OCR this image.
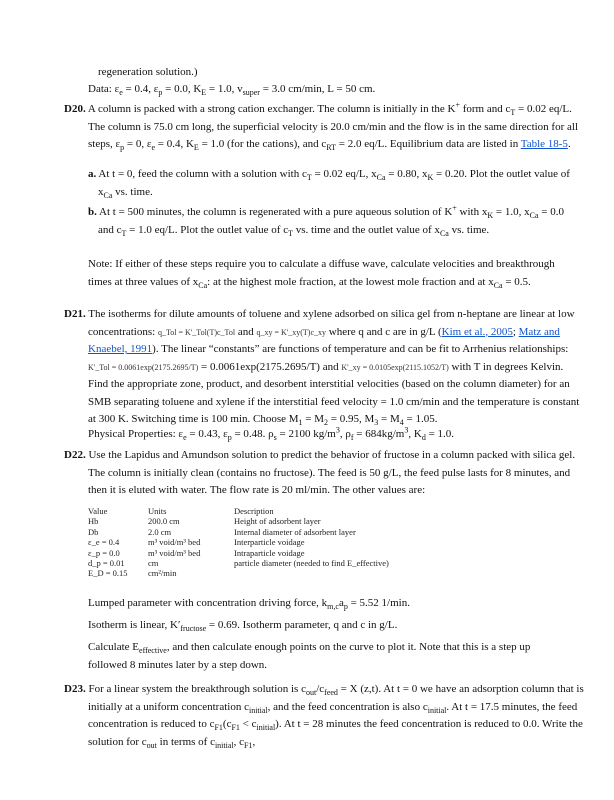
regeneration solution.)

Data: $\varepsilon_e = 0.4$, $\varepsilon_p = 0.0$, $K_E = 1.0$, $v_{super} = 3.0$ cm/min, L = 50 cm.

D20. A column is packed with a strong cation exchanger. The column is initially in the K+ form and $c_T = 0.02$ eq/L. The column is 75.0 cm long, the superficial velocity is 20.0 cm/min and the flow is in the same direction for all steps, $\varepsilon_p = 0$, $\varepsilon_e = 0.4$, $K_E = 1.0$ (for the cations), and $c_{RT} = 2.0$ eq/L. Equilibrium data are listed in Table 18-5.

a. At t = 0, feed the column with a solution with $c_T = 0.02$ eq/L, $x_{Ca} = 0.80$, $x_K = 0.20$. Plot the outlet value of $x_{Ca}$ vs. time.

b. At t = 500 minutes, the column is regenerated with a pure aqueous solution of K+ with $x_K = 1.0$, $x_{Ca} = 0.0$ and $c_T = 1.0$ eq/L. Plot the outlet value of $c_T$ vs. time and the outlet value of $x_{Ca}$ vs. time.

Note: If either of these steps require you to calculate a diffuse wave, calculate velocities and breakthrough times at three values of $x_{Ca}$: at the highest mole fraction, at the lowest mole fraction and at $x_{Ca} = 0.5$.

D21. The isotherms for dilute amounts of toluene and xylene adsorbed on silica gel from n-heptane are linear at low concentrations: q_Tol = K'_Tol(T)c_Tol and q_xy = K'_xy(T)c_xy where q and c are in g/L (Kim et al., 2005; Matz and Knaebel, 1991). The linear “constants” are functions of temperature and can be fit to Arrhenius relationships: K'_Tol = 0.0061exp(2175.2695/T) = 0.0061exp(2175.2695/T) and K'_xy = 0.0105exp(2115.1052/T) with T in degrees Kelvin. Find the appropriate zone, product, and desorbent interstitial velocities (based on the column diameter) for an SMB separating toluene and xylene if the interstitial feed velocity = 1.0 cm/min and the temperature is constant at 300 K. Switching time is 100 min. Choose $M_1 = M_2 = 0.95$, $M_3 = M_4 = 1.05$.

Physical Properties: $\varepsilon_e = 0.43$, $\varepsilon_p = 0.48$. $\rho_s = 2100$ $kg/m^3$, $\rho_f = 684kg/m^3$, $K_d = 1.0$.

D22. Use the Lapidus and Amundson solution to predict the behavior of fructose in a column packed with silica gel. The column is initially clean (contains no fructose). The feed is 50 g/L, the feed pulse lasts for 8 minutes, and then it is eluted with water. The flow rate is 20 ml/min. The other values are:

Value	Units	Description
Hb	200.0 cm	Height of adsorbent layer
Db	2.0 cm	Internal diameter of adsorbent layer
ε_e = 0.4	m³ void/m³ bed	Interparticle voidage
ε_p = 0.0	m³ void/m³ bed	Intraparticle voidage
d_p = 0.01	cm	particle diameter (needed to find E_effective)
E_D = 0.15	cm²/min	

Lumped parameter with concentration driving force, $k_{m,c}a_p = 5.52$ 1/min.

Isotherm is linear, $K'_{fructose} = 0.69$. Isotherm parameter, q and c in g/L.

Calculate $E_{effective}$, and then calculate enough points on the curve to plot it. Note that this is a step up followed 8 minutes later by a step down.

D23. For a linear system the breakthrough solution is $c_{out}/c_{feed} = X$ (z,t). At t = 0 we have an adsorption column that is initially at a uniform concentration $c_{initial}$, and the feed concentration is also $c_{initial}$. At t = 17.5 minutes, the feed concentration is reduced to $c_{F1}(c_{F1} < c_{initial})$. At t = 28 minutes the feed concentration is reduced to 0.0. Write the solution for $c_{out}$ in terms of $c_{initial}$, $c_{F1}$,
